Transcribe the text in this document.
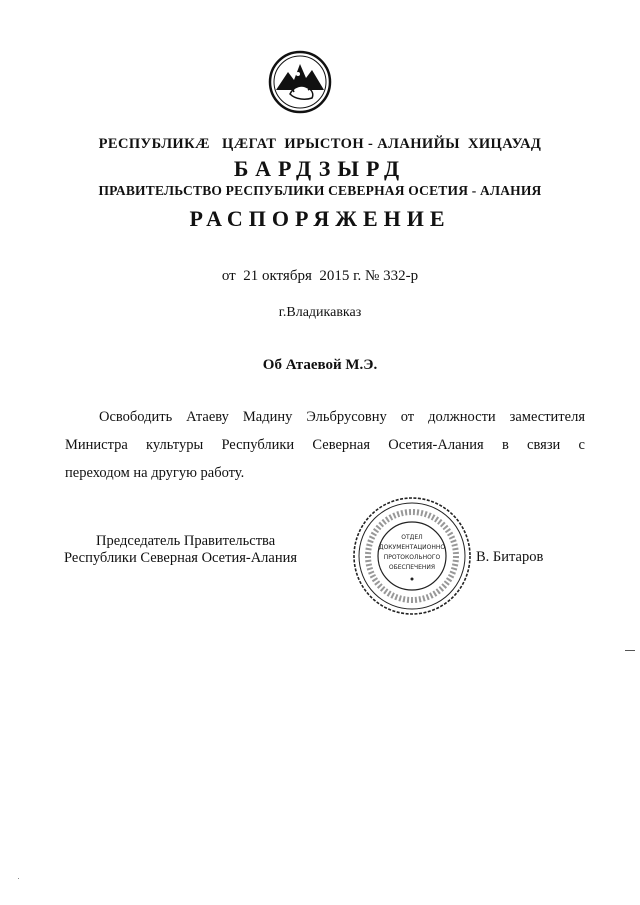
РЕСПУБЛИКÆ   ЦÆГАТ  ИРЫСТОН - АЛАНИЙЫ  ХИЦАУАД
БАРДЗЫРД
ПРАВИТЕЛЬСТВО РЕСПУБЛИКИ СЕВЕРНАЯ ОСЕТИЯ - АЛАНИЯ
РАСПОРЯЖЕНИЕ
от  21 октября  2015 г. № 332-р
г.Владикавказ
Об Атаевой М.Э.
Освободить Атаеву Мадину Эльбрусовну от должности заместителя
Министра культуры Республики Северная Осетия-Алания в связи с
переходом на другую работу.
Председатель Правительства
Республики Северная Осетия-Алания
ОТДЕЛ
ДОКУМЕНТАЦИОННО
ПРОТОКОЛЬНОГО
ОБЕСПЕЧЕНИЯ
В. Битаров
